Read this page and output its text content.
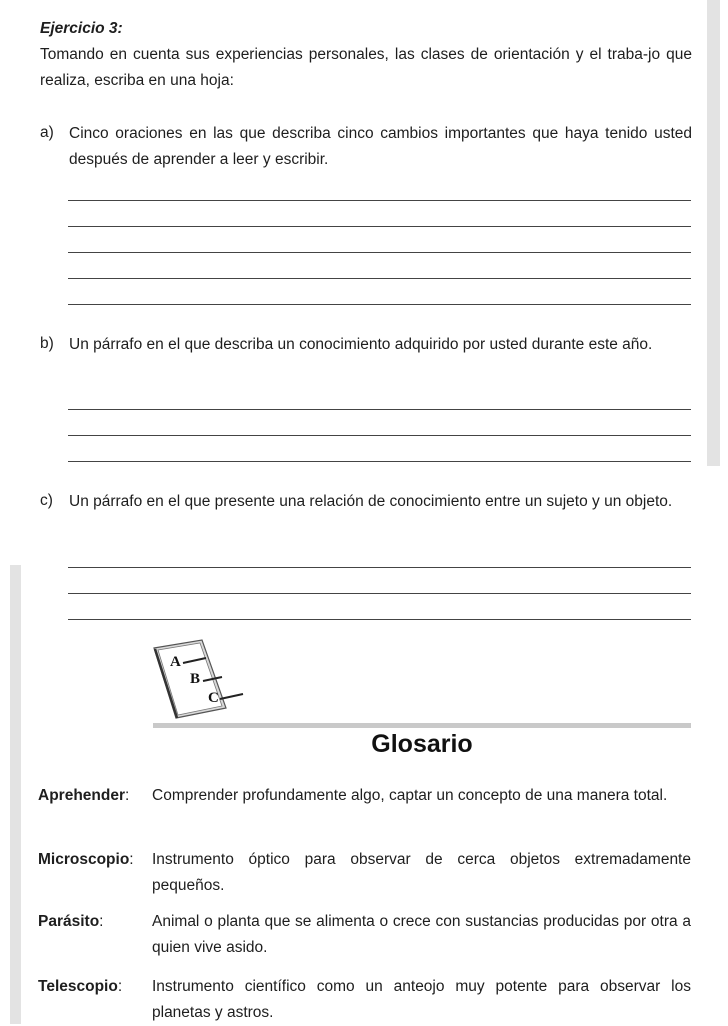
Ejercicio 3:

Tomando en cuenta sus experiencias personales, las clases de orientación y el traba-jo que realiza, escriba en una hoja:

a) Cinco oraciones en las que describa cinco cambios importantes que haya tenido usted después de aprender a leer y escribir.

b) Un párrafo en el que describa un conocimiento adquirido por usted durante este año.

c) Un párrafo en el que presente una relación de conocimiento entre un sujeto y un objeto.

A
B
C
Glosario
Aprehender: Comprender profundamente algo, captar un concepto de una manera total.

Microscopio: Instrumento óptico para observar de cerca objetos extremadamente pequeños.

Parásito:	Animal o planta que se alimenta o crece con sustancias producidas por otra a quien vive asido.

Telescopio: Instrumento científico como un anteojo muy potente para observar los planetas y astros.
